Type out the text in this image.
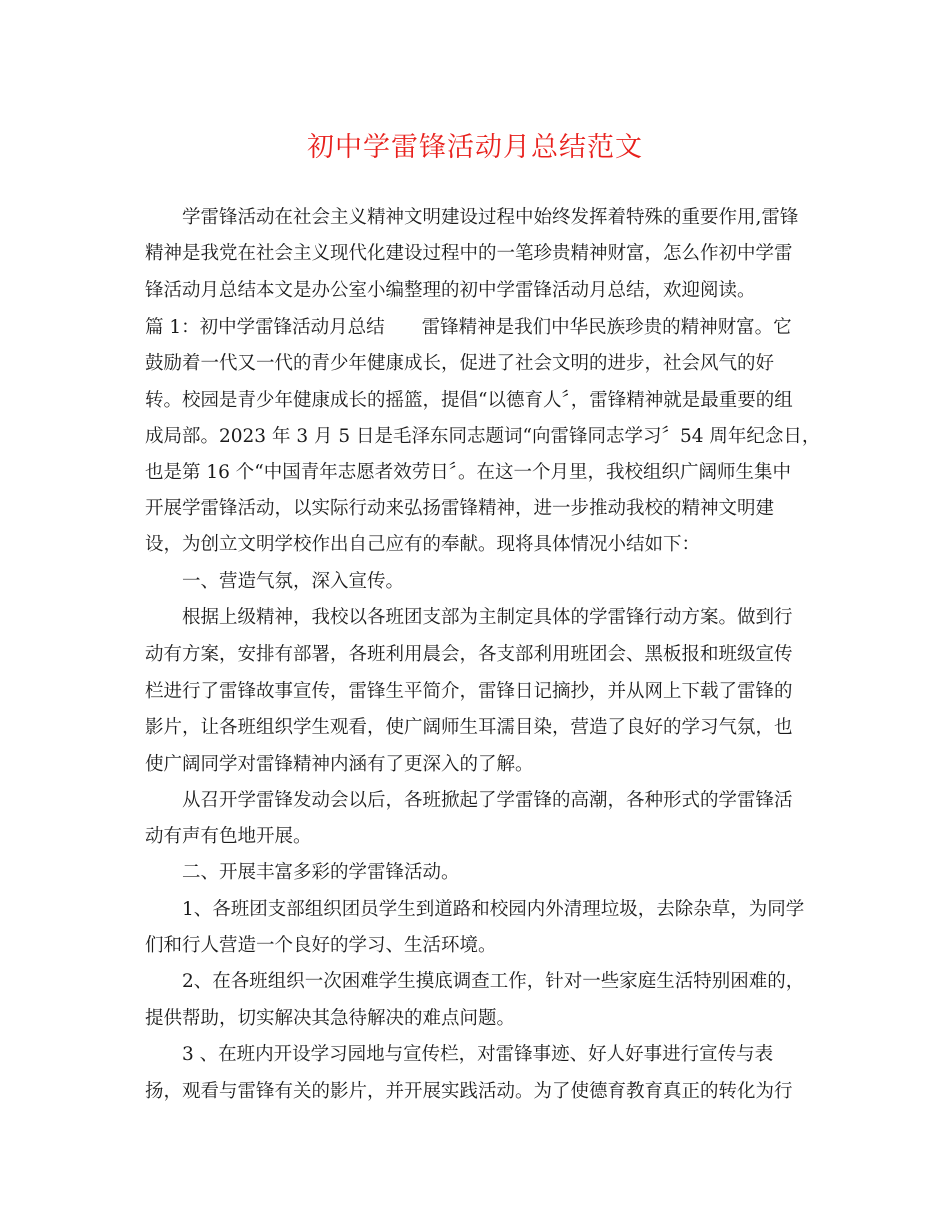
初中学雷锋活动月总结范文

学雷锋活动在社会主义精神文明建设过程中始终发挥着特殊的重要作用,雷锋

精神是我党在社会主义现代化建设过程中的一笔珍贵精神财富，怎么作初中学雷

锋活动月总结本文是办公室小编整理的初中学雷锋活动月总结，欢迎阅读。

篇 1：初中学雷锋活动月总结　　雷锋精神是我们中华民族珍贵的精神财富。它

鼓励着一代又一代的青少年健康成长，促进了社会文明的进步，社会风气的好

转。校园是青少年健康成长的摇篮，提倡“以德育人〞，雷锋精神就是最重要的组

成局部。2023 年 3 月 5 日是毛泽东同志题词“向雷锋同志学习〞54 周年纪念日，

也是第 16 个“中国青年志愿者效劳日〞。在这一个月里，我校组织广阔师生集中

开展学雷锋活动，以实际行动来弘扬雷锋精神，进一步推动我校的精神文明建

设，为创立文明学校作出自己应有的奉献。现将具体情况小结如下：

一、营造气氛，深入宣传。

根据上级精神，我校以各班团支部为主制定具体的学雷锋行动方案。做到行

动有方案，安排有部署，各班利用晨会，各支部利用班团会、黑板报和班级宣传

栏进行了雷锋故事宣传，雷锋生平简介，雷锋日记摘抄，并从网上下载了雷锋的

影片，让各班组织学生观看，使广阔师生耳濡目染，营造了良好的学习气氛，也

使广阔同学对雷锋精神内涵有了更深入的了解。

从召开学雷锋发动会以后，各班掀起了学雷锋的高潮，各种形式的学雷锋活

动有声有色地开展。

二、开展丰富多彩的学雷锋活动。

1、各班团支部组织团员学生到道路和校园内外清理垃圾，去除杂草，为同学

们和行人营造一个良好的学习、生活环境。

2、在各班组织一次困难学生摸底调查工作，针对一些家庭生活特别困难的，

提供帮助，切实解决其急待解决的难点问题。

3 、在班内开设学习园地与宣传栏，对雷锋事迹、好人好事进行宣传与表

扬，观看与雷锋有关的影片，并开展实践活动。为了使德育教育真正的转化为行
